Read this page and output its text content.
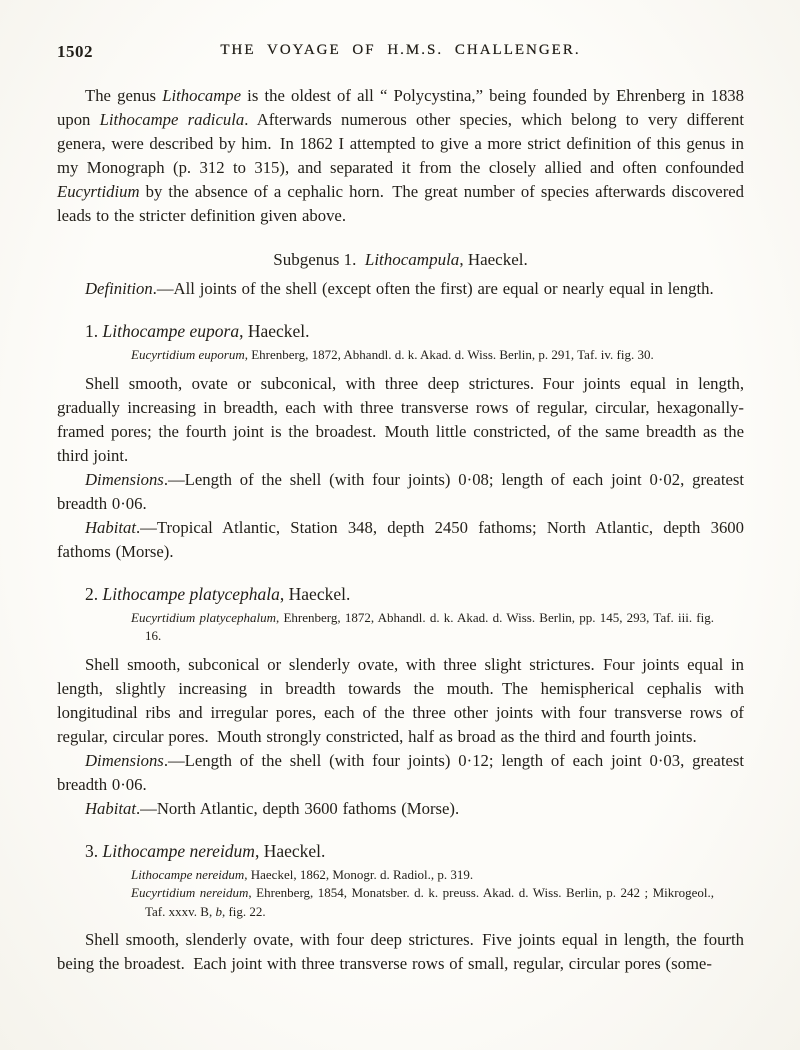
1502	THE VOYAGE OF H.M.S. CHALLENGER.

The genus Lithocampe is the oldest of all “ Polycystina,” being founded by Ehrenberg in 1838 upon Lithocampe radicula. Afterwards numerous other species, which belong to very different genera, were described by him. In 1862 I attempted to give a more strict definition of this genus in my Monograph (p. 312 to 315), and separated it from the closely allied and often confounded Eucyrtidium by the absence of a cephalic horn. The great number of species afterwards discovered leads to the stricter definition given above.

Subgenus 1. Lithocampula, Haeckel.

Definition.—All joints of the shell (except often the first) are equal or nearly equal in length.

1. Lithocampe eupora, Haeckel.

Eucyrtidium euporum, Ehrenberg, 1872, Abhandl. d. k. Akad. d. Wiss. Berlin, p. 291, Taf. iv. fig. 30.

Shell smooth, ovate or subconical, with three deep strictures. Four joints equal in length, gradually increasing in breadth, each with three transverse rows of regular, circular, hexagonally-framed pores; the fourth joint is the broadest. Mouth little constricted, of the same breadth as the third joint.

Dimensions.—Length of the shell (with four joints) 0·08; length of each joint 0·02, greatest breadth 0·06.

Habitat.—Tropical Atlantic, Station 348, depth 2450 fathoms; North Atlantic, depth 3600 fathoms (Morse).

2. Lithocampe platycephala, Haeckel.

Eucyrtidium platycephalum, Ehrenberg, 1872, Abhandl. d. k. Akad. d. Wiss. Berlin, pp. 145, 293, Taf. iii. fig. 16.

Shell smooth, subconical or slenderly ovate, with three slight strictures. Four joints equal in length, slightly increasing in breadth towards the mouth. The hemispherical cephalis with longitudinal ribs and irregular pores, each of the three other joints with four transverse rows of regular, circular pores. Mouth strongly constricted, half as broad as the third and fourth joints.

Dimensions.—Length of the shell (with four joints) 0·12; length of each joint 0·03, greatest breadth 0·06.

Habitat.—North Atlantic, depth 3600 fathoms (Morse).

3. Lithocampe nereidum, Haeckel.

Lithocampe nereidum, Haeckel, 1862, Monogr. d. Radiol., p. 319.

Eucyrtidium nereidum, Ehrenberg, 1854, Monatsber. d. k. preuss. Akad. d. Wiss. Berlin, p. 242 ; Mikrogeol., Taf. xxxv. B, b, fig. 22.

Shell smooth, slenderly ovate, with four deep strictures. Five joints equal in length, the fourth being the broadest. Each joint with three transverse rows of small, regular, circular pores (some-
